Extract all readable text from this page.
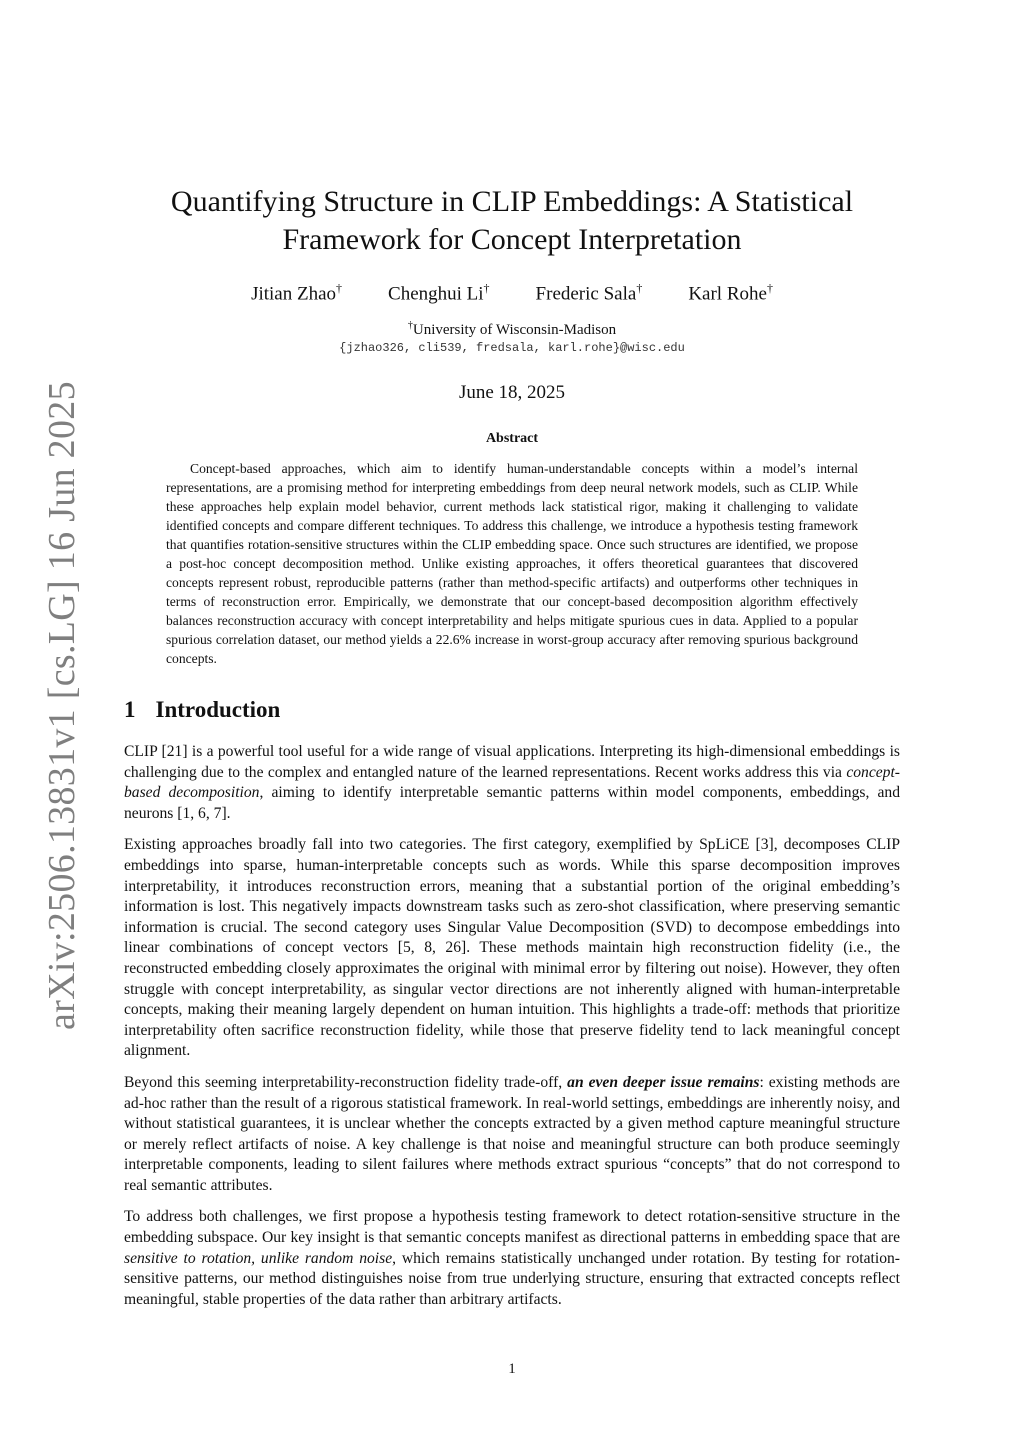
arXiv:2506.13831v1 [cs.LG] 16 Jun 2025
Quantifying Structure in CLIP Embeddings: A Statistical
Framework for Concept Interpretation
Jitian Zhao† Chenghui Li† Frederic Sala† Karl Rohe†
†University of Wisconsin-Madison
{jzhao326, cli539, fredsala, karl.rohe}@wisc.edu
June 18, 2025
Abstract

Concept-based approaches, which aim to identify human-understandable concepts within a model’s internal representations, are a promising method for interpreting embeddings from deep neural network models, such as CLIP. While these approaches help explain model behavior, current methods lack statistical rigor, making it challenging to validate identified concepts and compare different techniques. To address this challenge, we introduce a hypothesis testing framework that quantifies rotation-sensitive structures within the CLIP embedding space. Once such structures are identified, we propose a post-hoc concept decomposition method. Unlike existing approaches, it offers theoretical guarantees that discovered concepts represent robust, reproducible patterns (rather than method-specific artifacts) and outperforms other techniques in terms of reconstruction error. Empirically, we demonstrate that our concept-based decomposition algorithm effectively balances reconstruction accuracy with concept interpretability and helps mitigate spurious cues in data. Applied to a popular spurious correlation dataset, our method yields a 22.6% increase in worst-group accuracy after removing spurious background concepts.

1 Introduction

CLIP [21] is a powerful tool useful for a wide range of visual applications. Interpreting its high-dimensional embeddings is challenging due to the complex and entangled nature of the learned representations. Recent works address this via concept-based decomposition, aiming to identify interpretable semantic patterns within model components, embeddings, and neurons [1, 6, 7].

Existing approaches broadly fall into two categories. The first category, exemplified by SpLiCE [3], decomposes CLIP embeddings into sparse, human-interpretable concepts such as words. While this sparse decomposition improves interpretability, it introduces reconstruction errors, meaning that a substantial portion of the original embedding’s information is lost. This negatively impacts downstream tasks such as zero-shot classification, where preserving semantic information is crucial. The second category uses Singular Value Decomposition (SVD) to decompose embeddings into linear combinations of concept vectors [5, 8, 26]. These methods maintain high reconstruction fidelity (i.e., the reconstructed embedding closely approximates the original with minimal error by filtering out noise). However, they often struggle with concept interpretability, as singular vector directions are not inherently aligned with human-interpretable concepts, making their meaning largely dependent on human intuition. This highlights a trade-off: methods that prioritize interpretability often sacrifice reconstruction fidelity, while those that preserve fidelity tend to lack meaningful concept alignment.

Beyond this seeming interpretability-reconstruction fidelity trade-off, an even deeper issue remains: existing methods are ad-hoc rather than the result of a rigorous statistical framework. In real-world settings, embeddings are inherently noisy, and without statistical guarantees, it is unclear whether the concepts extracted by a given method capture meaningful structure or merely reflect artifacts of noise. A key challenge is that noise and meaningful structure can both produce seemingly interpretable components, leading to silent failures where methods extract spurious “concepts” that do not correspond to real semantic attributes.

To address both challenges, we first propose a hypothesis testing framework to detect rotation-sensitive structure in the embedding subspace. Our key insight is that semantic concepts manifest as directional patterns in embedding space that are sensitive to rotation, unlike random noise, which remains statistically unchanged under rotation. By testing for rotation-sensitive patterns, our method distinguishes noise from true underlying structure, ensuring that extracted concepts reflect meaningful, stable properties of the data rather than arbitrary artifacts.

1
